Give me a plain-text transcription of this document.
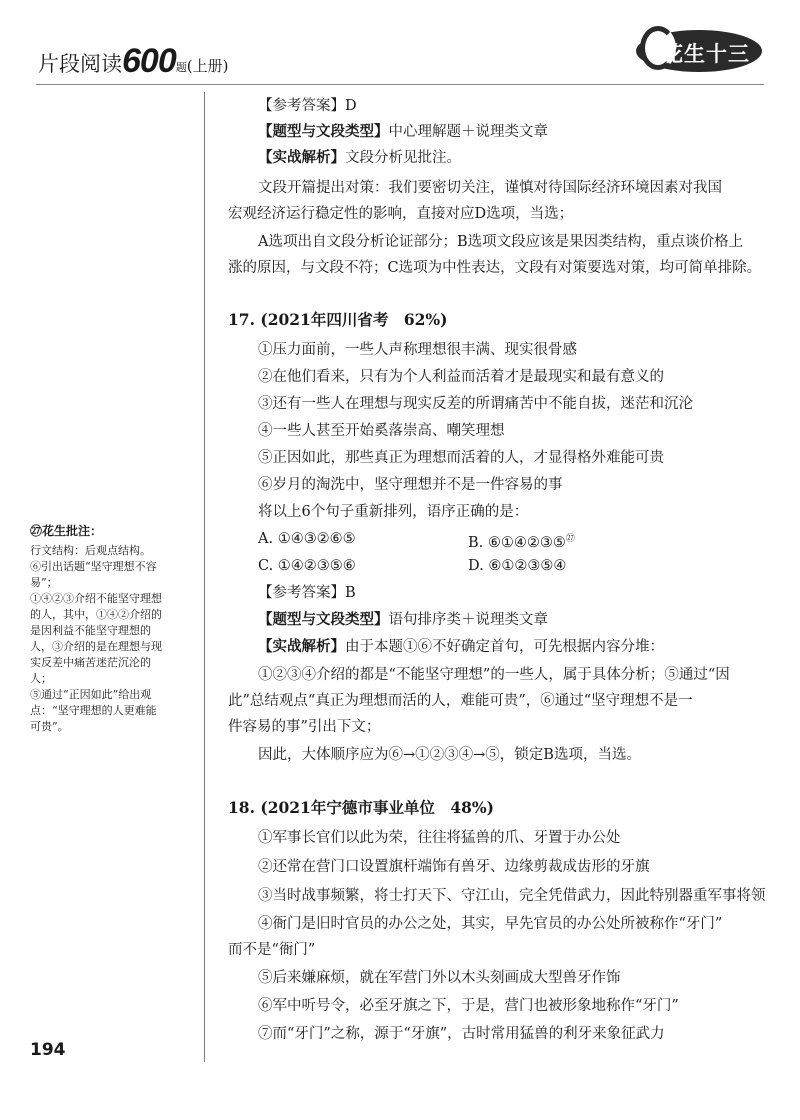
片段阅读 600 题 (上册)	花生十三
【参考答案】D
【题型与文段类型】中心理解题＋说理类文章
【实战解析】文段分析见批注。
文段开篇提出对策：我们要密切关注，谨慎对待国际经济环境因素对我国
宏观经济运行稳定性的影响，直接对应D选项，当选；
A选项出自文段分析论证部分；B选项文段应该是果因类结构，重点谈价格上
涨的原因，与文段不符；C选项为中性表达，文段有对策要选对策，均可简单排除。
17. (2021年四川省考　62%)
①压力面前，一些人声称理想很丰满、现实很骨感
②在他们看来，只有为个人利益而活着才是最现实和最有意义的
③还有一些人在理想与现实反差的所谓痛苦中不能自拔，迷茫和沉沦
④一些人甚至开始奚落崇高、嘲笑理想
⑤正因如此，那些真正为理想而活着的人，才显得格外难能可贵
⑥岁月的淘洗中，坚守理想并不是一件容易的事
将以上6个句子重新排列，语序正确的是：
A. ①④③②⑥⑤	B. ⑥①④②③⑤$^㉗$
C. ①④②③⑤⑥	D. ⑥①②③⑤④
【参考答案】B
【题型与文段类型】语句排序类＋说理类文章
【实战解析】由于本题①⑥不好确定首句，可先根据内容分堆：
①②③④介绍的都是“不能坚守理想”的一些人，属于具体分析；⑤通过“因
此”总结观点“真正为理想而活的人，难能可贵”，⑥通过“坚守理想不是一
件容易的事”引出下文；
因此，大体顺序应为⑥→①②③④→⑤，锁定B选项，当选。
㉗花生批注：
行文结构：后观点结构。
⑥引出话题“坚守理想不容
易”；
①④②③介绍不能坚守理想
的人，其中，①④②介绍的
是因利益不能坚守理想的
人，③介绍的是在理想与现
实反差中痛苦迷茫沉沦的
人；
⑤通过“正因如此”给出观
点：“坚守理想的人更难能
可贵”。
18. (2021年宁德市事业单位　48%)
①军事长官们以此为荣，往往将猛兽的爪、牙置于办公处
②还常在营门口设置旗杆端饰有兽牙、边缘剪裁成齿形的牙旗
③当时战事频繁，将士打天下、守江山，完全凭借武力，因此特别器重军事将领
④衙门是旧时官员的办公之处，其实，早先官员的办公处所被称作“牙门”
而不是“衙门”
⑤后来嫌麻烦，就在军营门外以木头刻画成大型兽牙作饰
⑥军中听号令，必至牙旗之下，于是，营门也被形象地称作“牙门”
⑦而“牙门”之称，源于“牙旗”，古时常用猛兽的利牙来象征武力
194
